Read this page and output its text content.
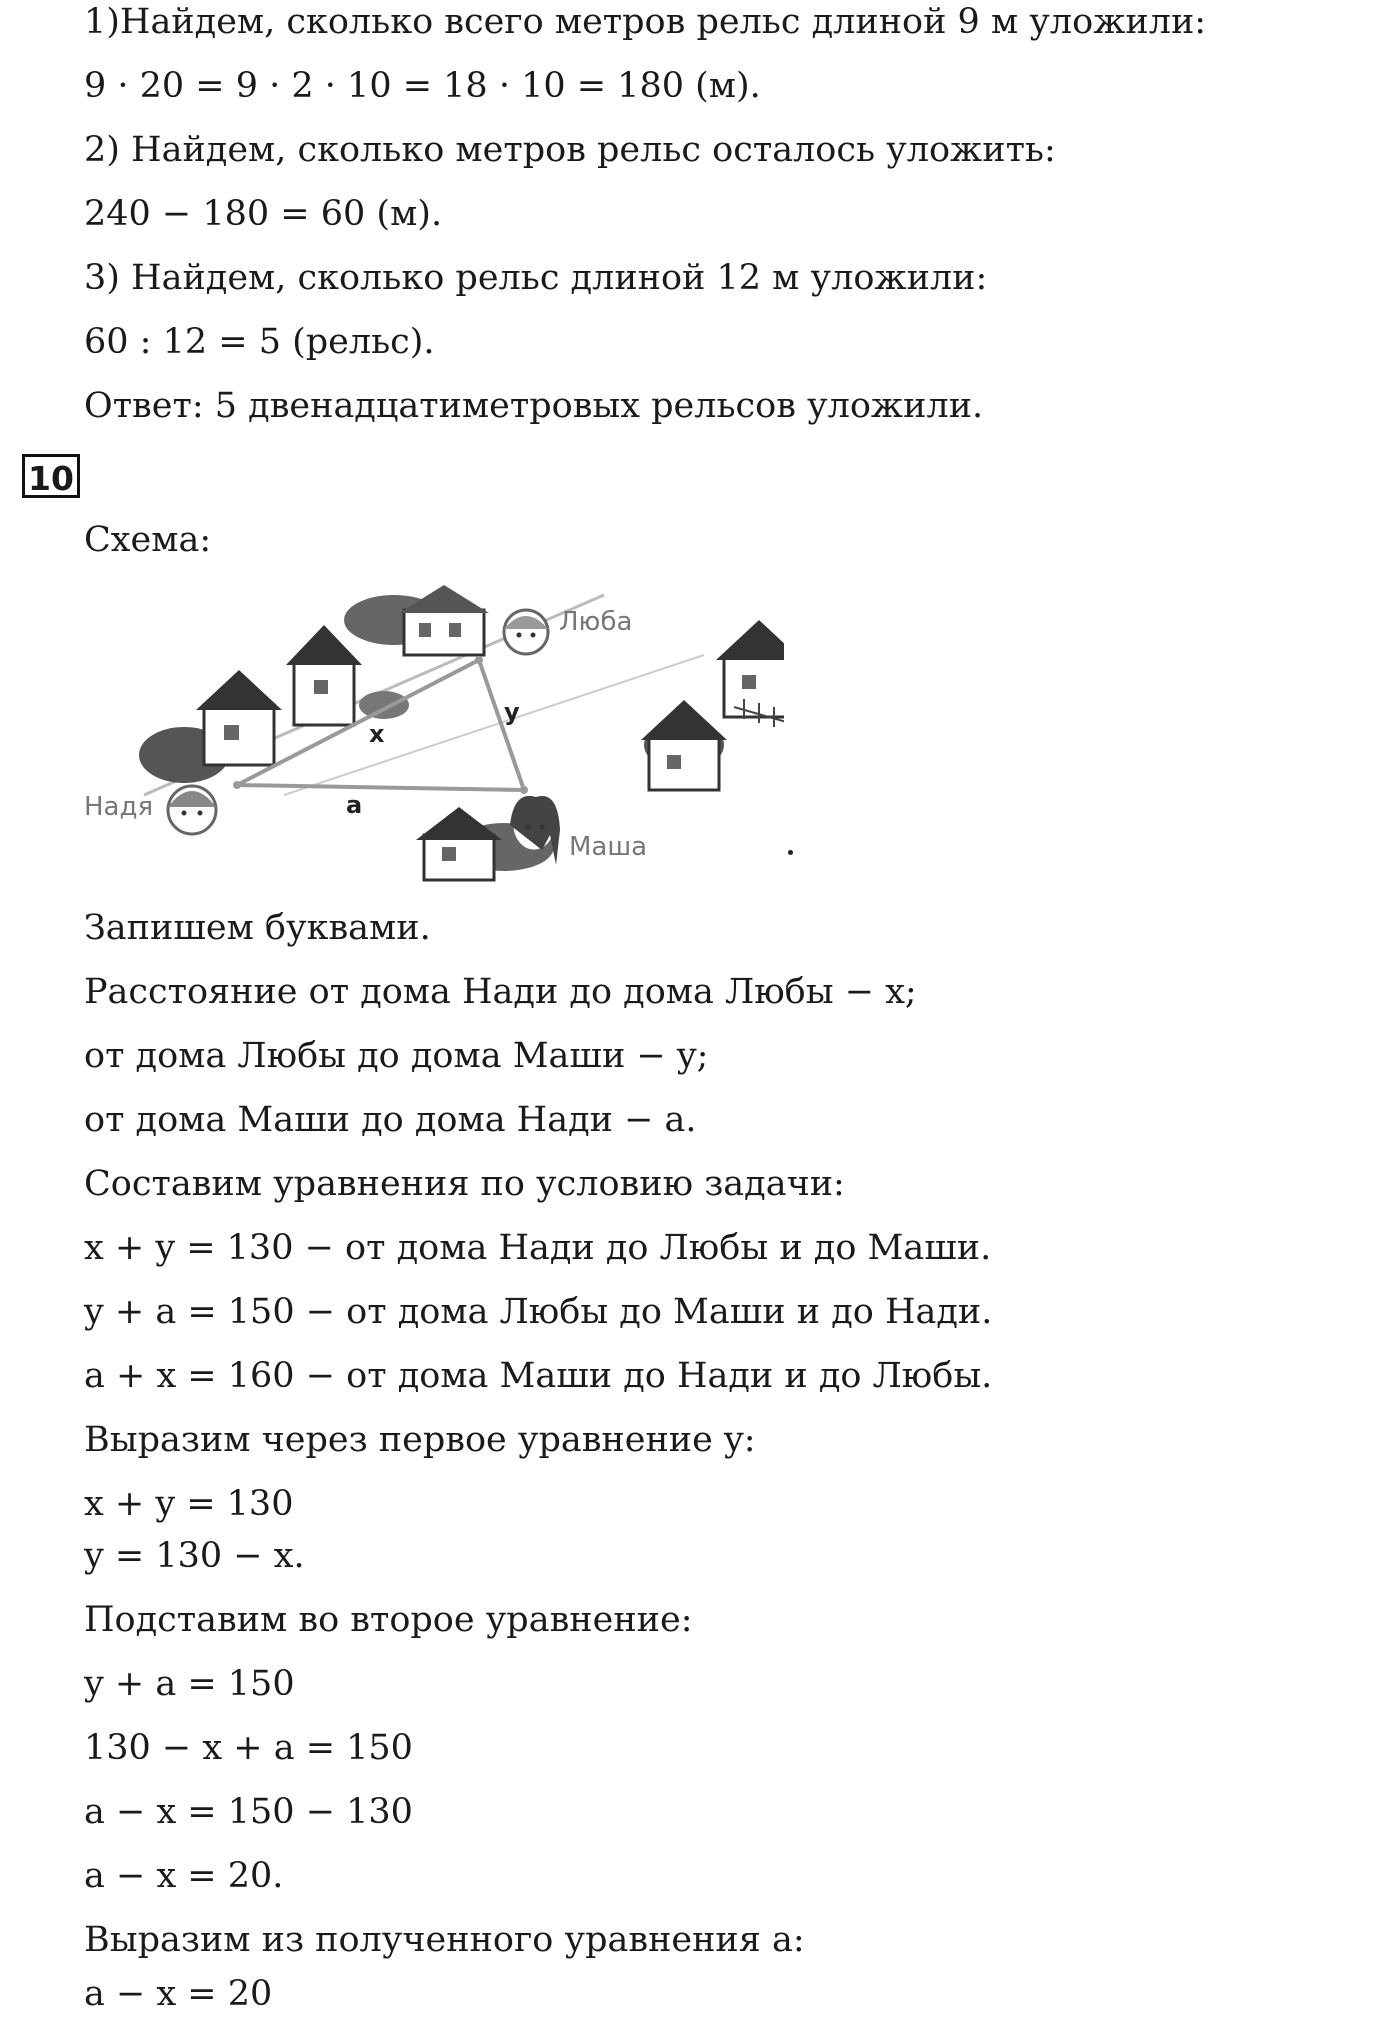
1)Найдем, сколько всего метров рельс длиной 9 м уложили:
9 · 20 = 9 · 2 · 10 = 18 · 10 = 180 (м).
2) Найдем, сколько метров рельс осталось уложить:
240 − 180 = 60 (м).
3) Найдем, сколько рельс длиной 12 м уложили:
60 : 12 = 5 (рельс).
Ответ: 5 двенадцатиметровых рельсов уложили.
10
Схема:
Надя
Люба
Маша
x
y
a
Запишем буквами.
Расстояние от дома Нади до дома Любы − x;
от дома Любы до дома Маши − y;
от дома Маши до дома Нади − a.
Составим уравнения по условию задачи:
x + y = 130 − от дома Нади до Любы и до Маши.
y + a = 150 − от дома Любы до Маши и до Нади.
a + x = 160 − от дома Маши до Нади и до Любы.
Выразим через первое уравнение y:
x + y = 130
y = 130 − x.
Подставим во второе уравнение:
y + a = 150
130 − x + a = 150
a − x = 150 − 130
a − x = 20.
Выразим из полученного уравнения a:
a − x = 20
